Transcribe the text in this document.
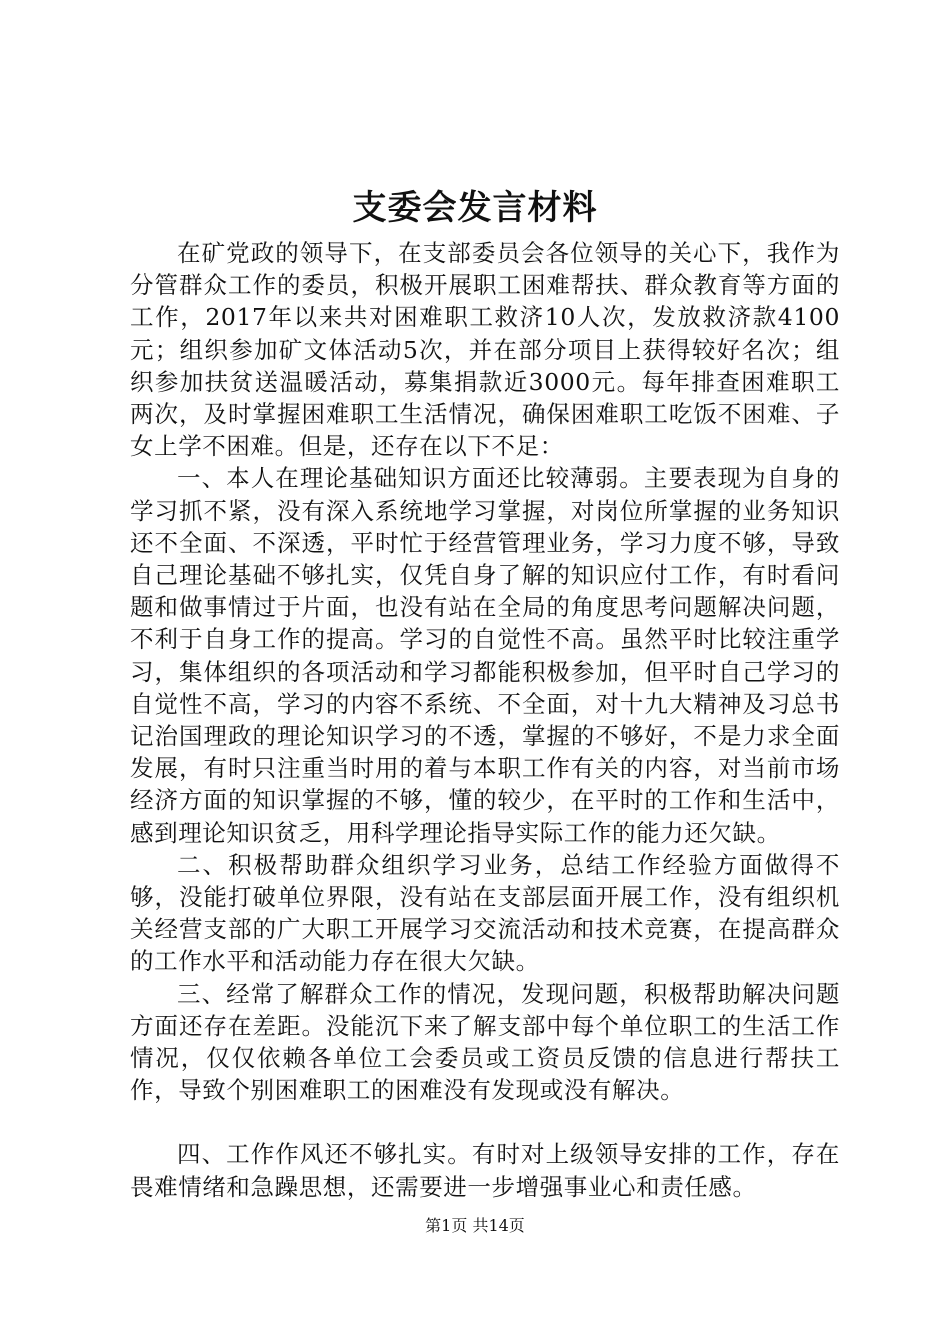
支委会发言材料

在矿党政的领导下，在支部委员会各位领导的关心下，我作为分管群众工作的委员，积极开展职工困难帮扶、群众教育等方面的工作，2017年以来共对困难职工救济10人次，发放救济款4100元；组织参加矿文体活动5次，并在部分项目上获得较好名次；组织参加扶贫送温暖活动，募集捐款近3000元。每年排查困难职工两次，及时掌握困难职工生活情况，确保困难职工吃饭不困难、子女上学不困难。但是，还存在以下不足：

一、本人在理论基础知识方面还比较薄弱。主要表现为自身的学习抓不紧，没有深入系统地学习掌握，对岗位所掌握的业务知识还不全面、不深透，平时忙于经营管理业务，学习力度不够，导致自己理论基础不够扎实，仅凭自身了解的知识应付工作，有时看问题和做事情过于片面，也没有站在全局的角度思考问题解决问题，不利于自身工作的提高。学习的自觉性不高。虽然平时比较注重学习，集体组织的各项活动和学习都能积极参加，但平时自己学习的自觉性不高，学习的内容不系统、不全面，对十九大精神及习总书记治国理政的理论知识学习的不透，掌握的不够好，不是力求全面发展，有时只注重当时用的着与本职工作有关的内容，对当前市场经济方面的知识掌握的不够，懂的较少，在平时的工作和生活中，感到理论知识贫乏，用科学理论指导实际工作的能力还欠缺。

二、积极帮助群众组织学习业务，总结工作经验方面做得不够，没能打破单位界限，没有站在支部层面开展工作，没有组织机关经营支部的广大职工开展学习交流活动和技术竞赛，在提高群众的工作水平和活动能力存在很大欠缺。

三、经常了解群众工作的情况，发现问题，积极帮助解决问题方面还存在差距。没能沉下来了解支部中每个单位职工的生活工作情况，仅仅依赖各单位工会委员或工资员反馈的信息进行帮扶工作，导致个别困难职工的困难没有发现或没有解决。

四、工作作风还不够扎实。有时对上级领导安排的工作，存在畏难情绪和急躁思想，还需要进一步增强事业心和责任感。

第1页 共14页
